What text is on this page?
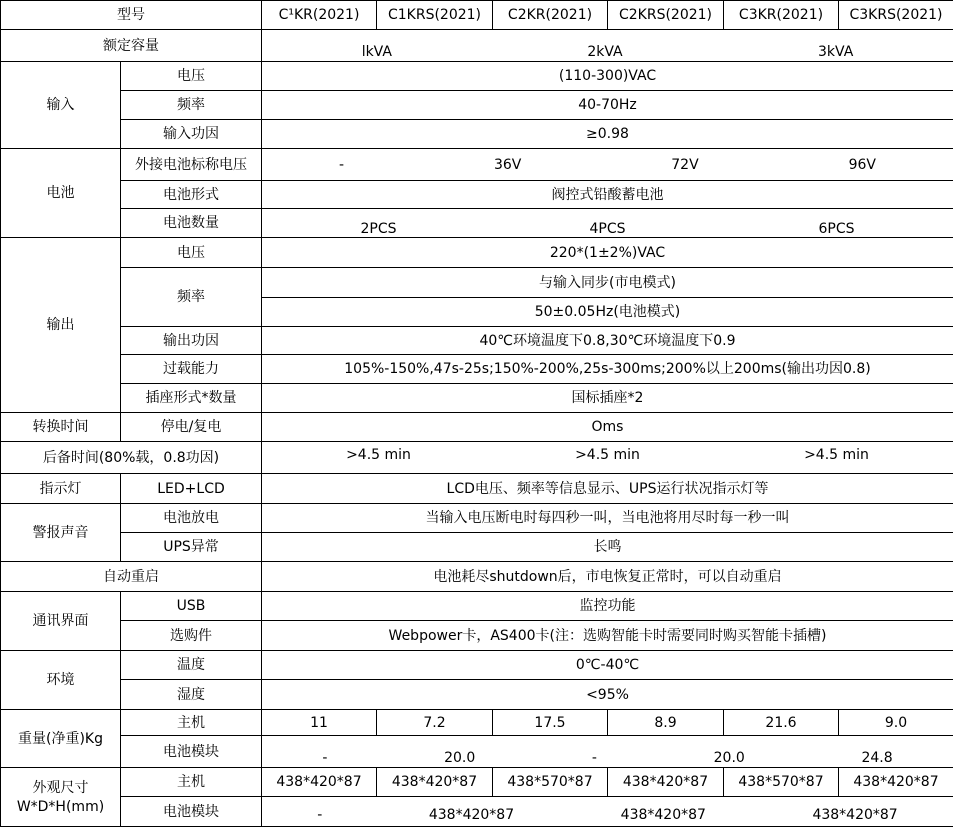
型号		C¹KR(2021)	C1KRS(2021)	C2KR(2021)	C2KRS(2021)	C3KR(2021)	C3KRS(2021)
额定容量		lkVA 2kVA 3kVA					

输入	电压	(110-300)VAC					
	频率	40-70Hz					
	输入功因	≥0.98					
电池	外接电池标称电压	- 36V 72V 96V					

	电池形式	阀控式铅酸蓄电池					
	电池数量	2PCS 4PCS 6PCS					

输出	电压	220*(1±2%)VAC					
	频率	与输入同步(市电模式)					
		50±0.05Hz(电池模式)					
	输出功因	40℃环境温度下0.8,30℃环境温度下0.9					
	过载能力	105%-150%,47s-25s;150%-200%,25s-300ms;200%以上200ms(输出功因0.8)					
	插座形式*数量	国标插座*2					
转换时间	停电/复电	Oms					
后备时间(80%载，0.8功因)		>4.5 min >4.5 min >4.5 min					

指示灯	LED+LCD	LCD电压、频率等信息显示、UPS运行状况指示灯等					
警报声音	电池放电	当输入电压断电时每四秒一叫，当电池将用尽时每一秒一叫					
	UPS异常	长鸣					
自动重启		电池耗尽shutdown后，市电恢复正常时，可以自动重启					
通讯界面	USB	监控功能					
	选购件	Webpower卡，AS400卡(注：选购智能卡时需要同时购买智能卡插槽)					
环境	温度	0℃-40℃					
	湿度	<95%					
重量(净重)Kg	主机	11	7.2	17.5	8.9	21.6	9.0
	电池模块	- 20.0 - 20.0 24.8					

外观尺寸
W*D*H(mm)	主机	438*420*87	438*420*87	438*570*87	438*420*87	438*570*87	438*420*87
	电池模块	- 438*420*87 438*420*87 438*420*87					
